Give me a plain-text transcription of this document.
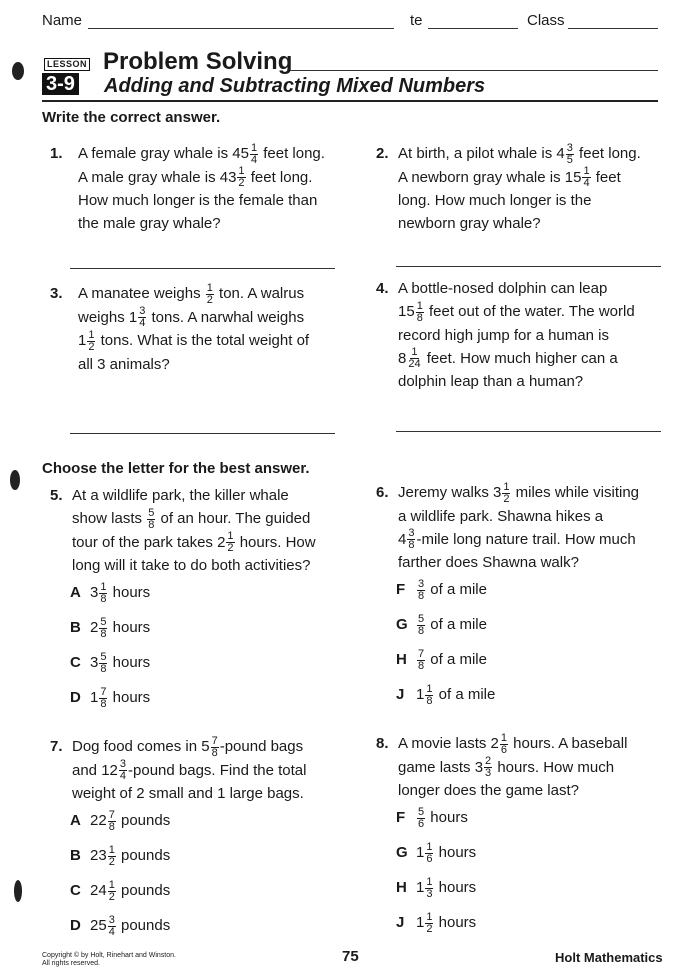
Name	te	Class
LESSON
3-9
Problem Solving
Adding and Subtracting Mixed Numbers
Write the correct answer.
1. A female gray whale is $45 \frac{1}{4}$ feet long.
A male gray whale is $43 \frac{1}{2}$ feet long.
How much longer is the female than
the male gray whale?
2. At birth, a pilot whale is $4 \frac{3}{5}$ feet long.
A newborn gray whale is $15 \frac{1}{4}$ feet
long. How much longer is the
newborn gray whale?
3. A manatee weighs $\frac{1}{2}$ ton. A walrus
weighs $1 \frac{3}{4}$ tons. A narwhal weighs
$1 \frac{1}{2}$ tons. What is the total weight of
all 3 animals?
4. A bottle-nosed dolphin can leap
$15 \frac{1}{8}$ feet out of the water. The world
record high jump for a human is
$8 \frac{1}{24}$ feet. How much higher can a
dolphin leap than a human?
Choose the letter for the best answer.
5. At a wildlife park, the killer whale
show lasts $\frac{5}{8}$ of an hour. The guided
tour of the park takes $2 \frac{1}{2}$ hours. How
long will it take to do both activities?
A $3 \frac{1}{8}$ hours
B $2 \frac{5}{8}$ hours
C $3 \frac{5}{8}$ hours
D $1 \frac{7}{8}$ hours
6. Jeremy walks $3 \frac{1}{2}$ miles while visiting
a wildlife park. Shawna hikes a
$4 \frac{3}{8}$ -mile long nature trail. How much
farther does Shawna walk?
F $\frac{3}{8}$ of a mile
G $\frac{5}{8}$ of a mile
H $\frac{7}{8}$ of a mile
J $1 \frac{1}{8}$ of a mile
7. Dog food comes in $5 \frac{7}{8}$ -pound bags
and $12 \frac{3}{4}$ -pound bags. Find the total
weight of 2 small and 1 large bags.
A $22 \frac{7}{8}$ pounds
B $23 \frac{1}{2}$ pounds
C $24 \frac{1}{2}$ pounds
D $25 \frac{3}{4}$ pounds
8. A movie lasts $2 \frac{1}{6}$ hours. A baseball
game lasts $3 \frac{2}{3}$ hours. How much
longer does the game last?
F $\frac{5}{6}$ hours
G $1 \frac{1}{6}$ hours
H $1 \frac{1}{3}$ hours
J $1 \frac{1}{2}$ hours
Copyright © by Holt, Rinehart and Winston.
All rights reserved.	75	Holt Mathematics
